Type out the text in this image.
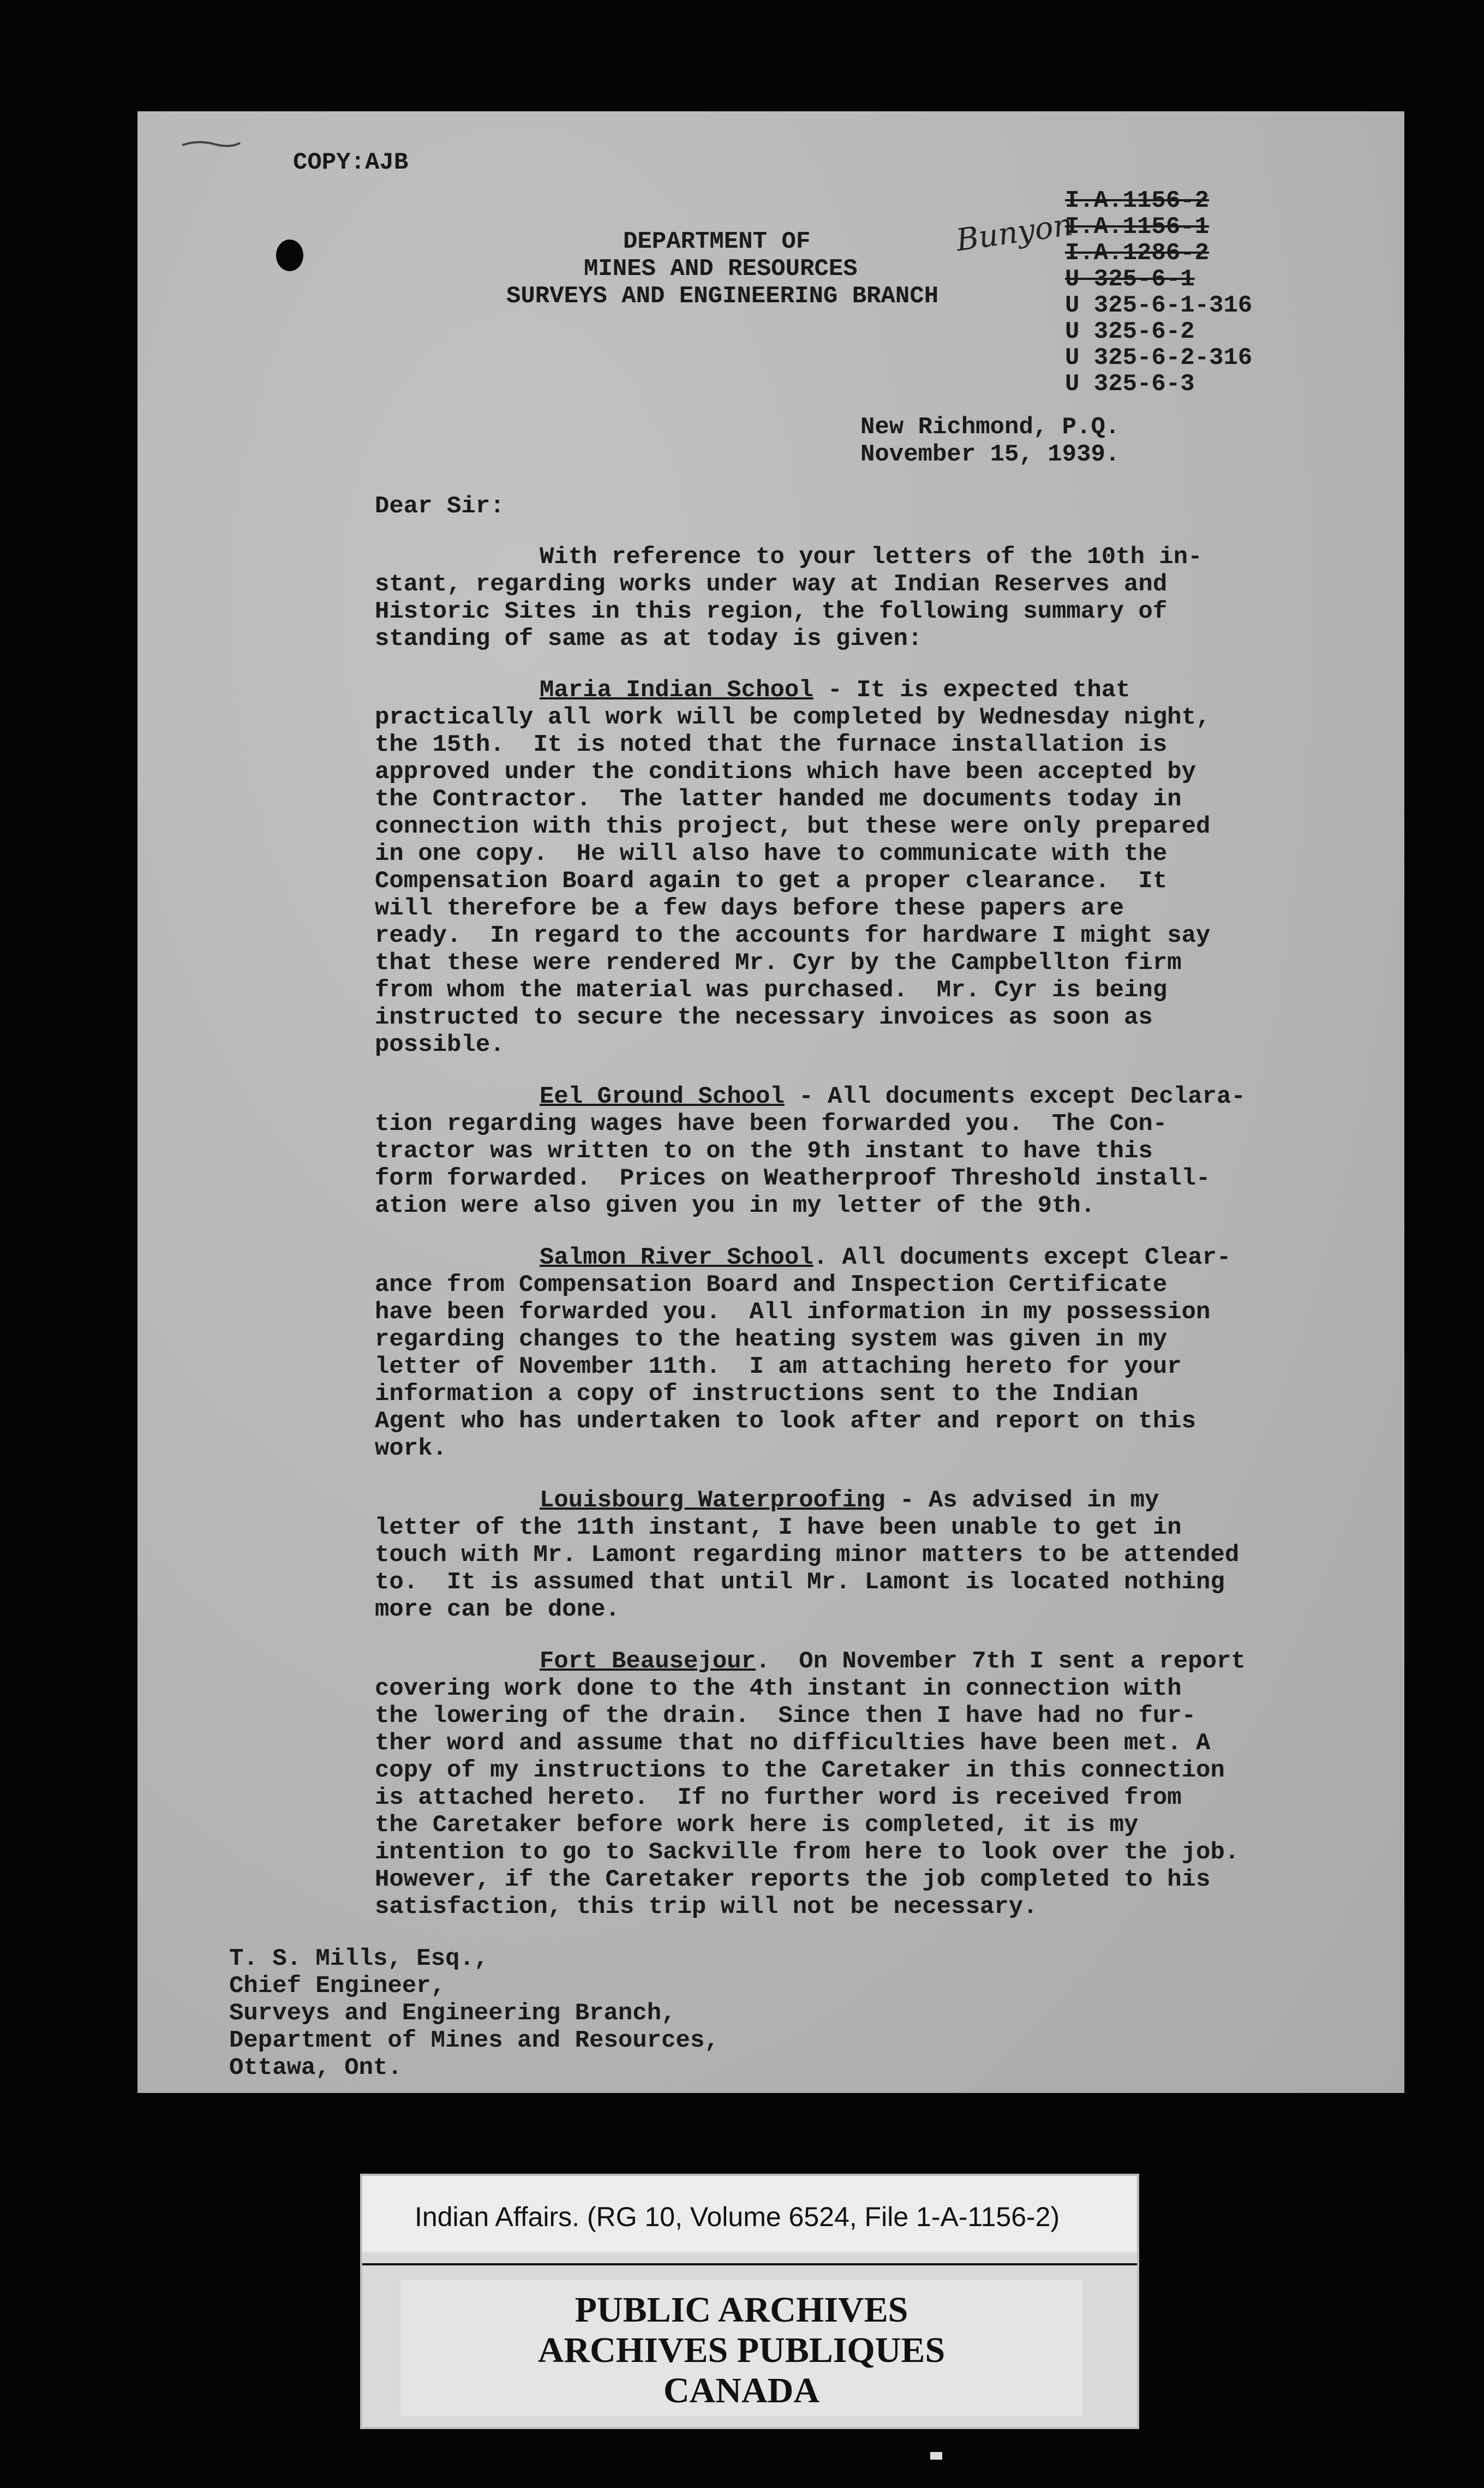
COPY:AJB
DEPARTMENT OF
MINES AND RESOURCES
SURVEYS AND ENGINEERING BRANCH
Bunyon
I.A.1156-2
I.A.1156-1
I.A.1286-2
U 325-6-1
U 325-6-1-316
U 325-6-2
U 325-6-2-316
U 325-6-3
New Richmond, P.Q.
November 15, 1939.
Dear Sir:
With reference to your letters of the 10th in-
stant, regarding works under way at Indian Reserves and
Historic Sites in this region, the following summary of
standing of same as at today is given:
Maria Indian School - It is expected that
practically all work will be completed by Wednesday night,
the 15th.  It is noted that the furnace installation is
approved under the conditions which have been accepted by
the Contractor.  The latter handed me documents today in
connection with this project, but these were only prepared
in one copy.  He will also have to communicate with the
Compensation Board again to get a proper clearance.  It
will therefore be a few days before these papers are
ready.  In regard to the accounts for hardware I might say
that these were rendered Mr. Cyr by the Campbellton firm
from whom the material was purchased.  Mr. Cyr is being
instructed to secure the necessary invoices as soon as
possible.
Eel Ground School - All documents except Declara-
tion regarding wages have been forwarded you.  The Con-
tractor was written to on the 9th instant to have this
form forwarded.  Prices on Weatherproof Threshold install-
ation were also given you in my letter of the 9th.
Salmon River School. All documents except Clear-
ance from Compensation Board and Inspection Certificate
have been forwarded you.  All information in my possession
regarding changes to the heating system was given in my
letter of November 11th.  I am attaching hereto for your
information a copy of instructions sent to the Indian
Agent who has undertaken to look after and report on this
work.
Louisbourg Waterproofing - As advised in my
letter of the 11th instant, I have been unable to get in
touch with Mr. Lamont regarding minor matters to be attended
to.  It is assumed that until Mr. Lamont is located nothing
more can be done.
Fort Beausejour.  On November 7th I sent a report
covering work done to the 4th instant in connection with
the lowering of the drain.  Since then I have had no fur-
ther word and assume that no difficulties have been met. A
copy of my instructions to the Caretaker in this connection
is attached hereto.  If no further word is received from
the Caretaker before work here is completed, it is my
intention to go to Sackville from here to look over the job.
However, if the Caretaker reports the job completed to his
satisfaction, this trip will not be necessary.
T. S. Mills, Esq.,
Chief Engineer,
Surveys and Engineering Branch,
Department of Mines and Resources,
Ottawa, Ont.
Indian Affairs. (RG 10, Volume 6524, File 1-A-1156-2)
PUBLIC ARCHIVES
ARCHIVES PUBLIQUES
CANADA
